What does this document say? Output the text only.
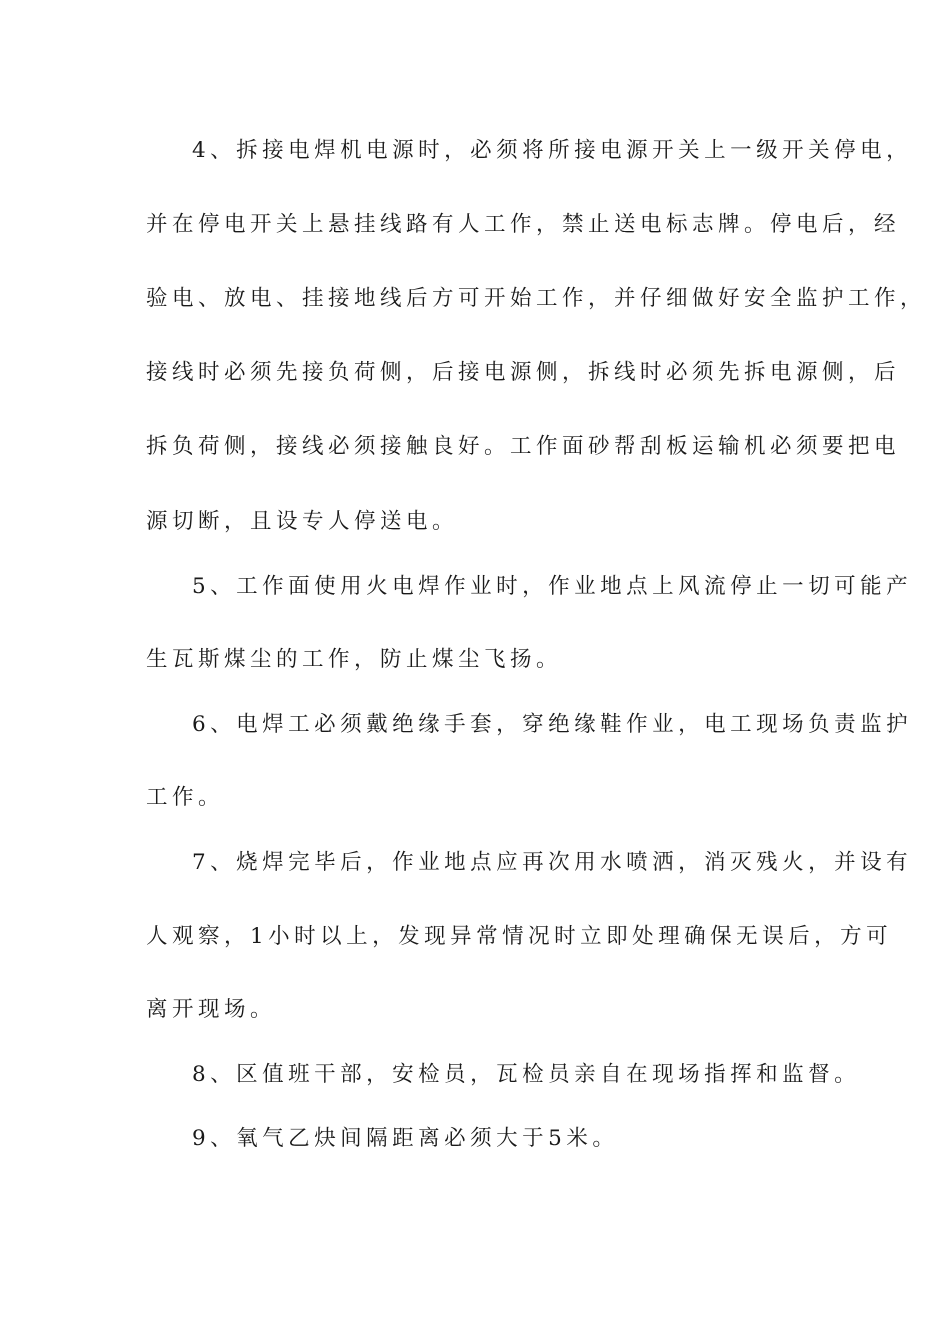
4、拆接电焊机电源时，必须将所接电源开关上一级开关停电，
并在停电开关上悬挂线路有人工作，禁止送电标志牌。停电后，经
验电、放电、挂接地线后方可开始工作，并仔细做好安全监护工作，
接线时必须先接负荷侧，后接电源侧，拆线时必须先拆电源侧，后
拆负荷侧，接线必须接触良好。工作面砂帮刮板运输机必须要把电
源切断，且设专人停送电。
5、工作面使用火电焊作业时，作业地点上风流停止一切可能产
生瓦斯煤尘的工作，防止煤尘飞扬。
6、电焊工必须戴绝缘手套，穿绝缘鞋作业，电工现场负责监护
工作。
7、烧焊完毕后，作业地点应再次用水喷洒，消灭残火，并设有
人观察，1小时以上，发现异常情况时立即处理确保无误后，方可
离开现场。
8、区值班干部，安检员，瓦检员亲自在现场指挥和监督。
9、氧气乙炔间隔距离必须大于5米。
